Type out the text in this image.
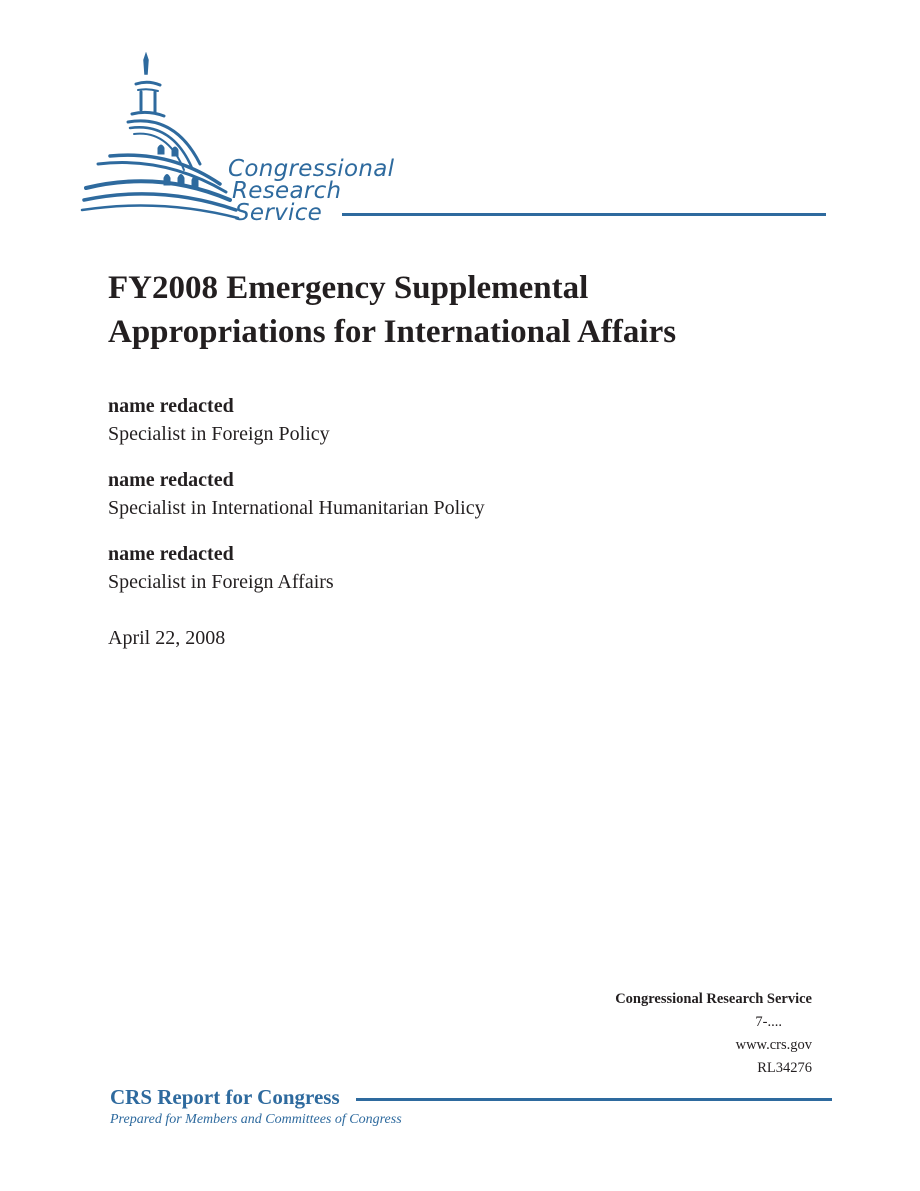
Congressional
Research
Service
FY2008 Emergency Supplemental
Appropriations for International Affairs
name redacted
Specialist in Foreign Policy
name redacted
Specialist in International Humanitarian Policy
name redacted
Specialist in Foreign Affairs
April 22, 2008
Congressional Research Service
7-....
www.crs.gov
RL34276
CRS Report for Congress
Prepared for Members and Committees of Congress
